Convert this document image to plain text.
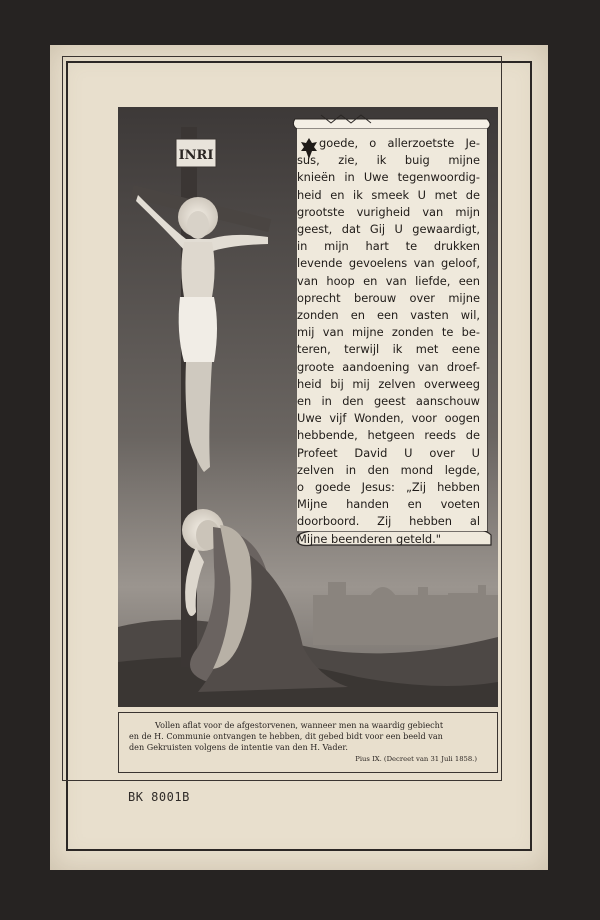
INRI
goede, o allerzoetste Je-
sus, zie, ik buig mijne
knieën in Uwe tegenwoordig-
heid en ik smeek U met de
grootste vurigheid van mijn
geest, dat Gij U gewaardigt,
in mijn hart te drukken
levende gevoelens van geloof,
van hoop en van liefde, een
oprecht berouw over mijne
zonden en een vasten wil,
mij van mijne zonden te be-
teren, terwijl ik met eene
groote aandoening van droef-
heid bij mij zelven overweeg
en in den geest aanschouw
Uwe vijf Wonden, voor oogen
hebbende, hetgeen reeds de
Profeet David U over U
zelven in den mond legde,
o goede Jesus: „Zij hebben
Mijne handen en voeten
doorboord. Zij hebben al
Mijne beenderen geteld."
Vollen aflat voor de afgestorvenen, wanneer men na waardig gebiecht
en de H. Communie ontvangen te hebben, dit gebed bidt voor een beeld van
den Gekruisten volgens de intentie van den H. Vader.
Pius IX. (Decreet van 31 Juli 1858.)
BK 8001B
